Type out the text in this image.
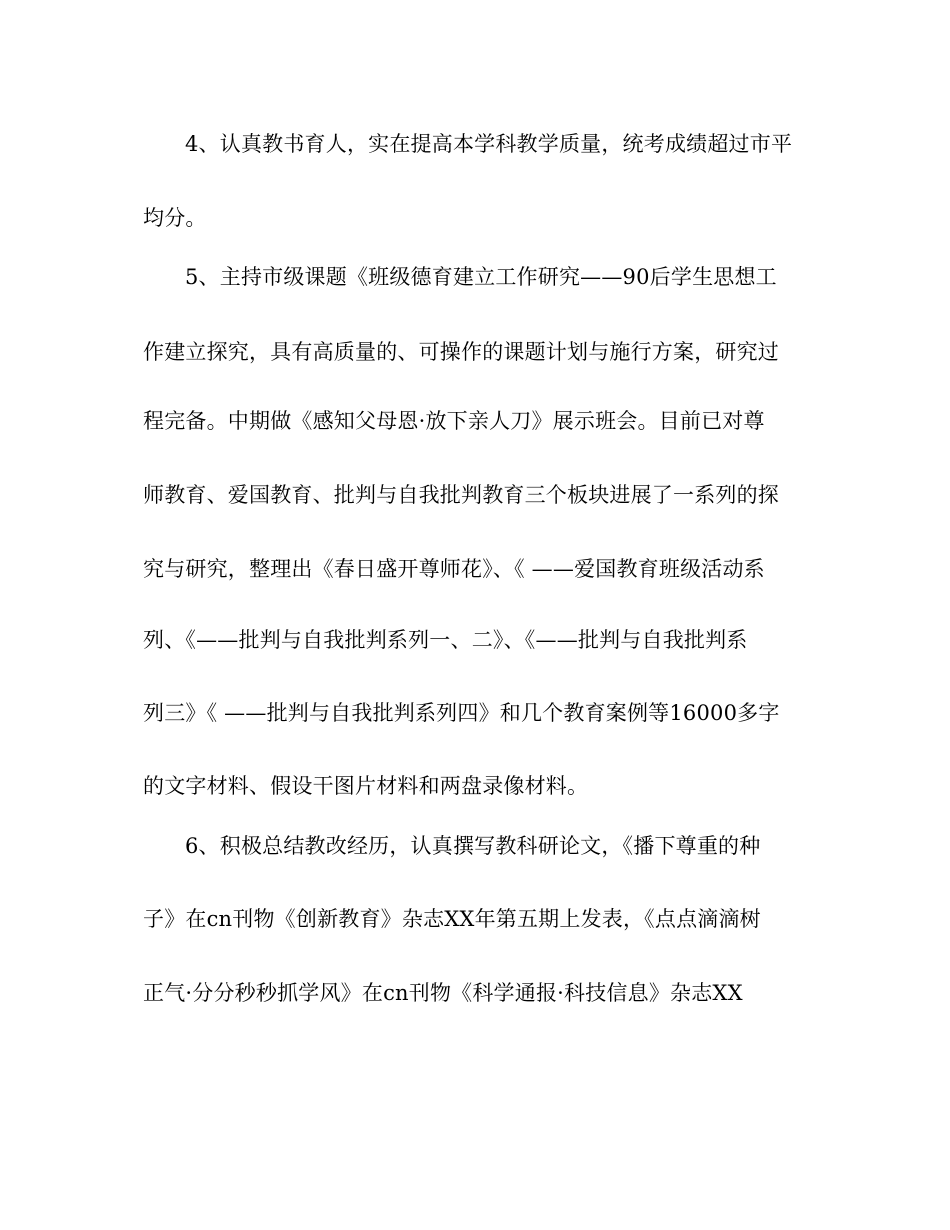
4、认真教书育人，实在提高本学科教学质量，统考成绩超过市平
均分。
5、主持市级课题《班级德育建立工作研究——90后学生思想工
作建立探究，具有高质量的、可操作的课题计划与施行方案，研究过
程完备。中期做《感知父母恩·放下亲人刀》展示班会。目前已对尊
师教育、爱国教育、批判与自我批判教育三个板块进展了一系列的探
究与研究，整理出《春日盛开尊师花》、《 ——爱国教育班级活动系
列、《——批判与自我批判系列一、二》、《——批判与自我批判系
列三》《 ——批判与自我批判系列四》和几个教育案例等16000多字
的文字材料、假设干图片材料和两盘录像材料。
6、积极总结教改经历，认真撰写教科研论文，《播下尊重的种
子》在cn刊物《创新教育》杂志XX年第五期上发表，《点点滴滴树
正气·分分秒秒抓学风》在cn刊物《科学通报·科技信息》杂志XX
